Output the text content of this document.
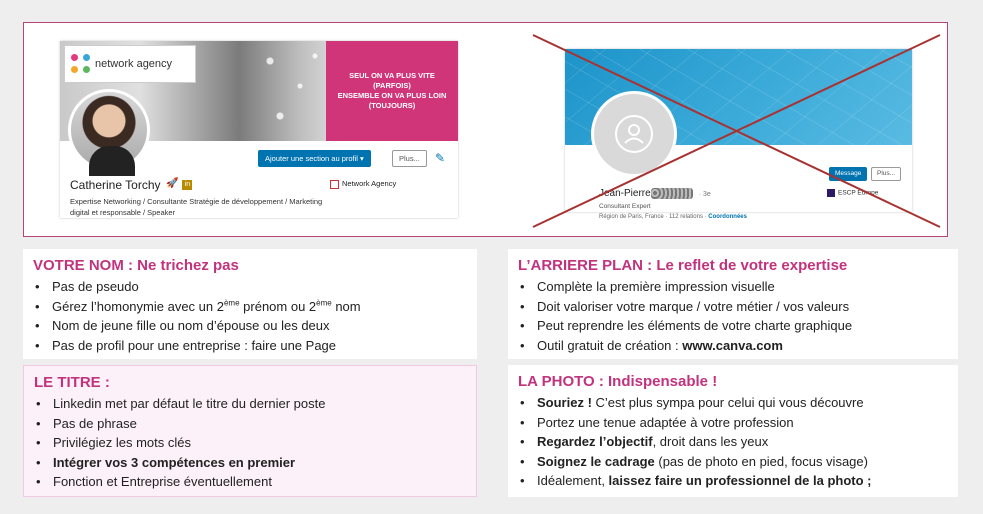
SEUL ON VA PLUS VITE
(PARFOIS)
ENSEMBLE ON VA PLUS LOIN
(TOUJOURS)
network agency
Ajouter une section au profil ▾	Plus...	✎
Catherine Torchy 🚀 in	Network Agency
Expertise Networking / Consultante Stratégie de développement / Marketing digital et responsable / Speaker
Message	Plus...
Jean-Pierre	· 3e	ESCP Europe
Consultant Expert
Région de Paris, France · 112 relations · Coordonnées
VOTRE NOM : Ne trichez pas
• Pas de pseudo
• Gérez l’homonymie avec un 2ème prénom ou 2ème nom
• Nom de jeune fille ou nom d’épouse ou les deux
• Pas de profil pour une entreprise : faire une Page
LE TITRE :
• Linkedin met par défaut le titre du dernier poste
• Pas de phrase
• Privilégiez les mots clés
• Intégrer vos 3 compétences en premier
• Fonction et Entreprise éventuellement
L’ARRIERE PLAN : Le reflet de votre expertise
• Complète la première impression visuelle
• Doit valoriser votre marque / votre métier / vos valeurs
• Peut reprendre les éléments de votre charte graphique
• Outil gratuit de création : www.canva.com
LA PHOTO : Indispensable !
• Souriez ! C’est plus sympa pour celui qui vous découvre
• Portez une tenue adaptée à votre profession
• Regardez l’objectif, droit dans les yeux
• Soignez le cadrage (pas de photo en pied, focus visage)
• Idéalement, laissez faire un professionnel de la photo ;
